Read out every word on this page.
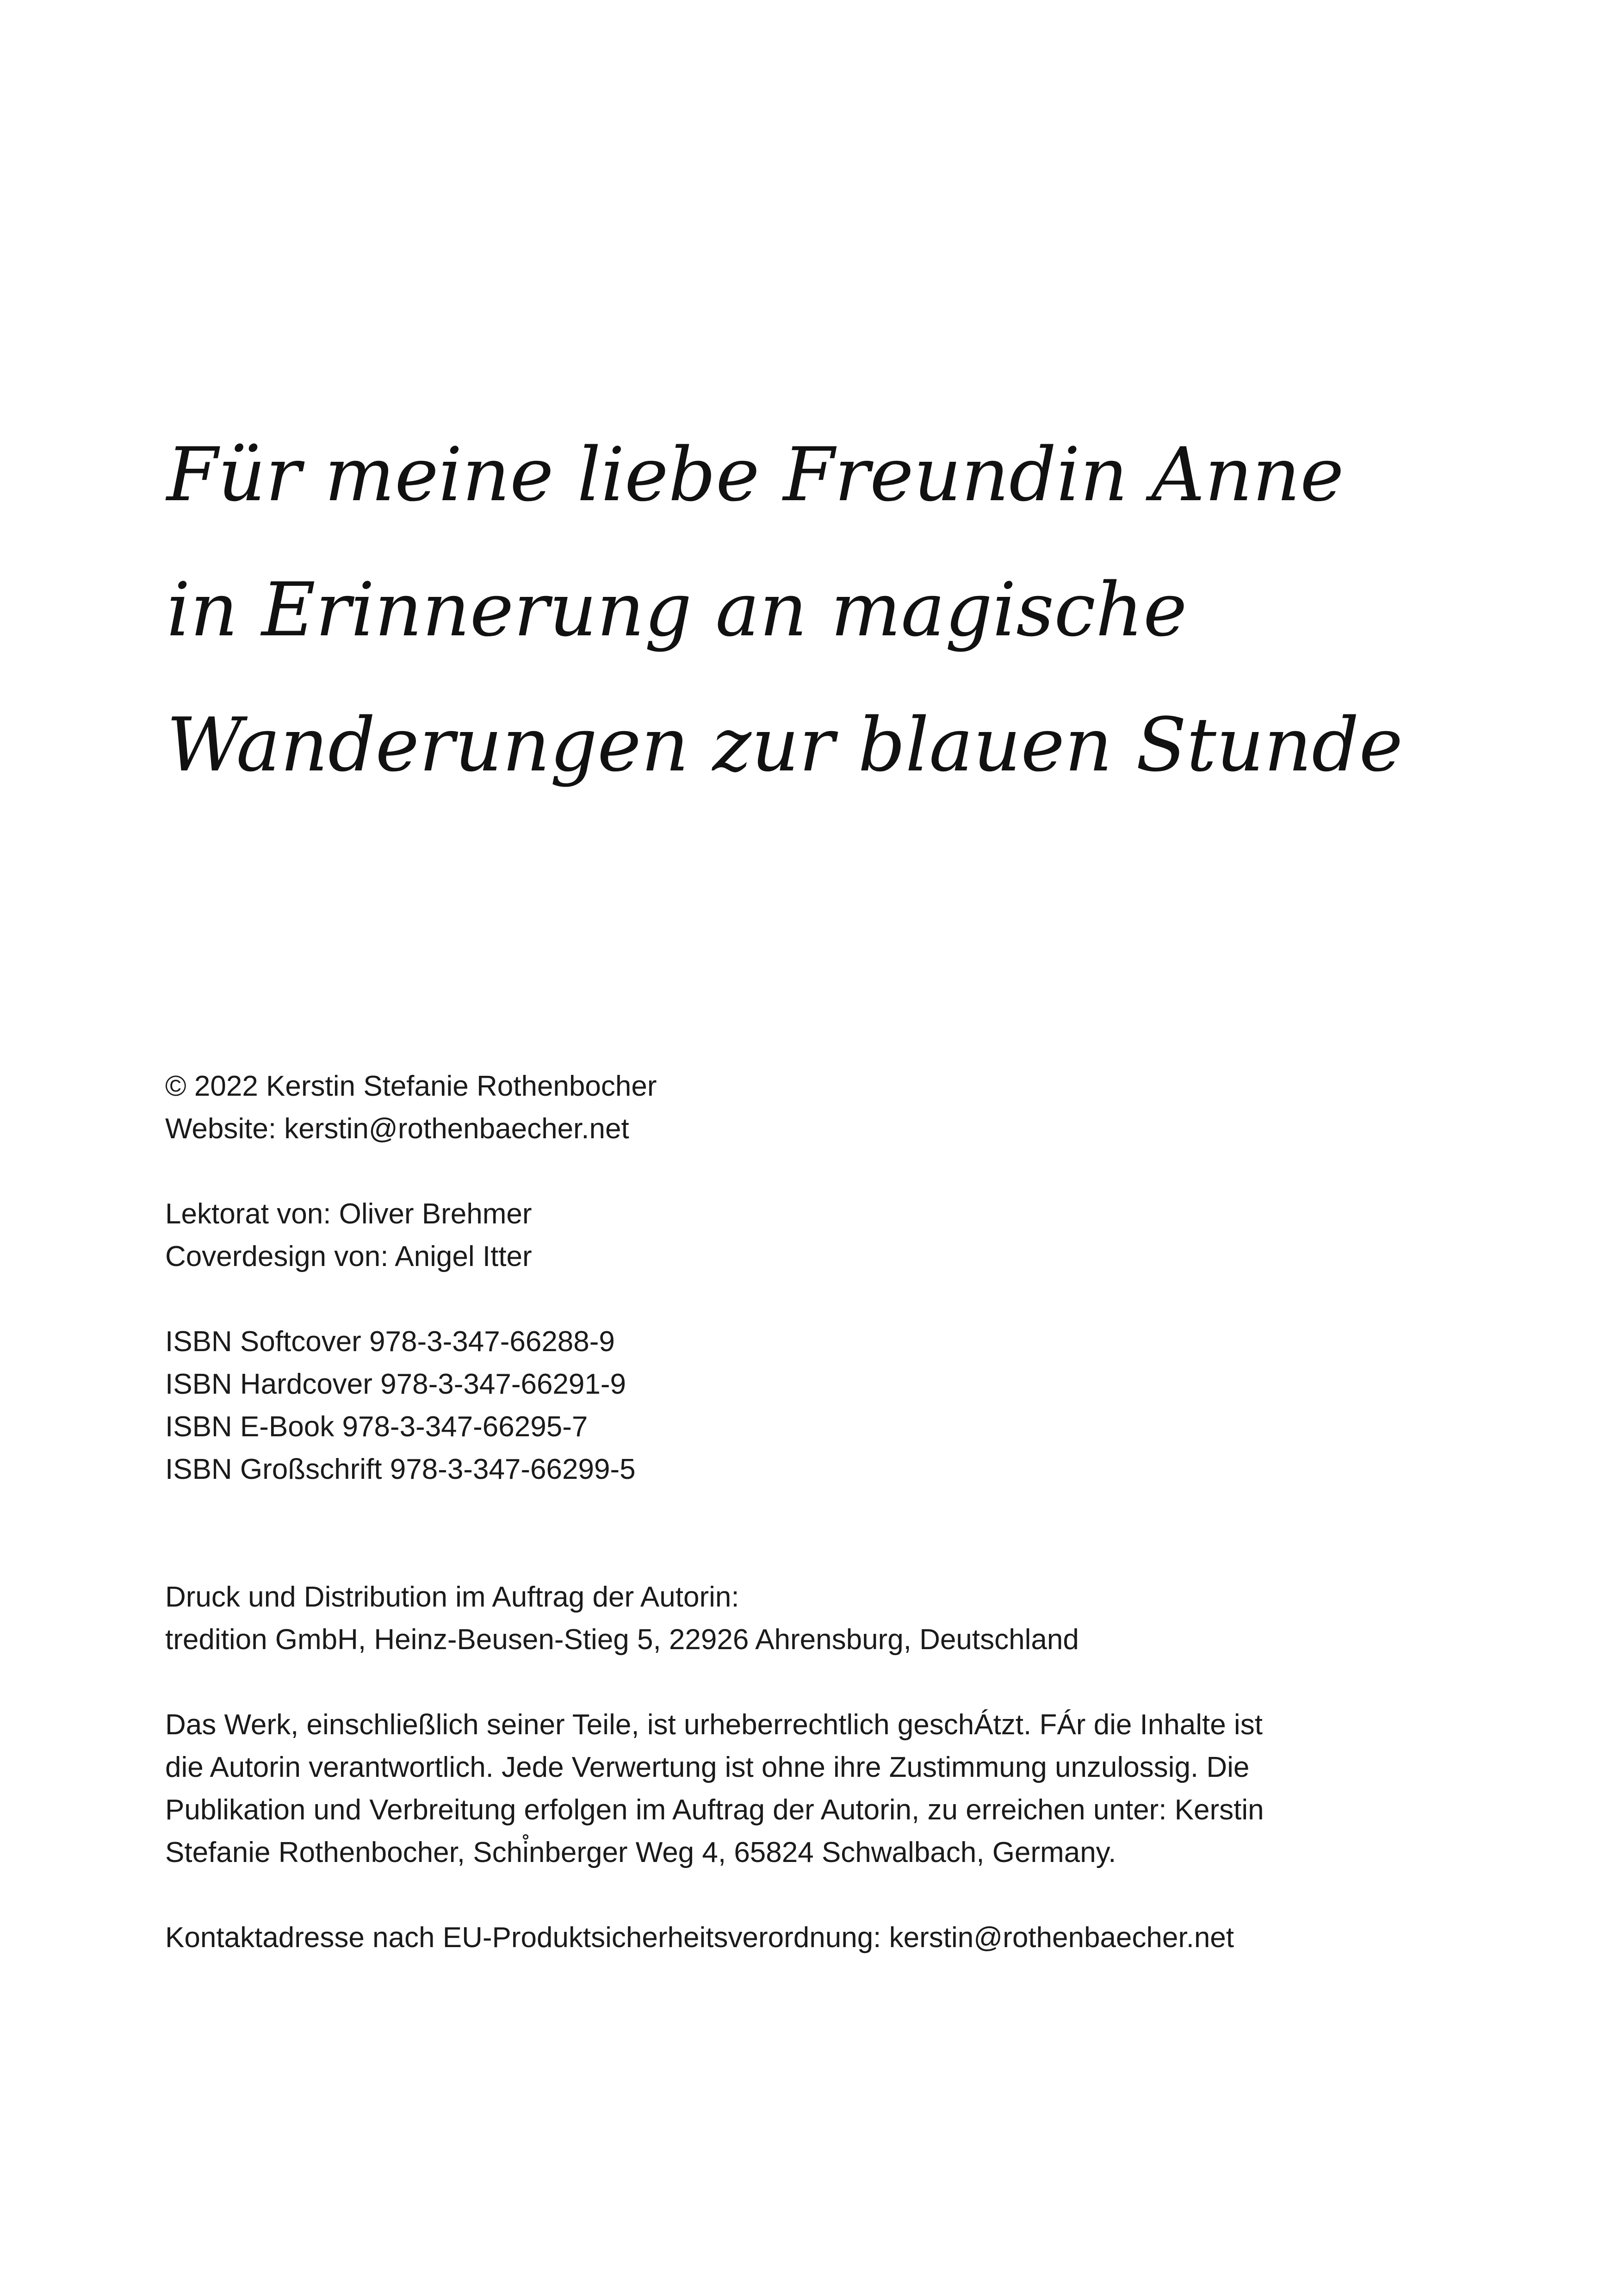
Für meine liebe Freundin Anne
in Erinnerung an magische
Wanderungen zur blauen Stunde
© 2022 Kerstin Stefanie Rothenbocher
Website: kerstin@rothenbaecher.net
Lektorat von: Oliver Brehmer
Coverdesign von: Anigel Itter
ISBN Softcover 978-3-347-66288-9
ISBN Hardcover 978-3-347-66291-9
ISBN E-Book 978-3-347-66295-7
ISBN Großschrift 978-3-347-66299-5
Druck und Distribution im Auftrag der Autorin:
tredition GmbH, Heinz-Beusen-Stieg 5, 22926 Ahrensburg, Deutschland
Das Werk, einschließlich seiner Teile, ist urheberrechtlich geschÁtzt. FÁr die Inhalte ist
die Autorin verantwortlich. Jede Verwertung ist ohne ihre Zustimmung unzulossig. Die
Publikation und Verbreitung erfolgen im Auftrag der Autorin, zu erreichen unter: Kerstin
Stefanie Rothenbocher, Schi̊nberger Weg 4, 65824 Schwalbach, Germany.
Kontaktadresse nach EU-Produktsicherheitsverordnung: kerstin@rothenbaecher.net
